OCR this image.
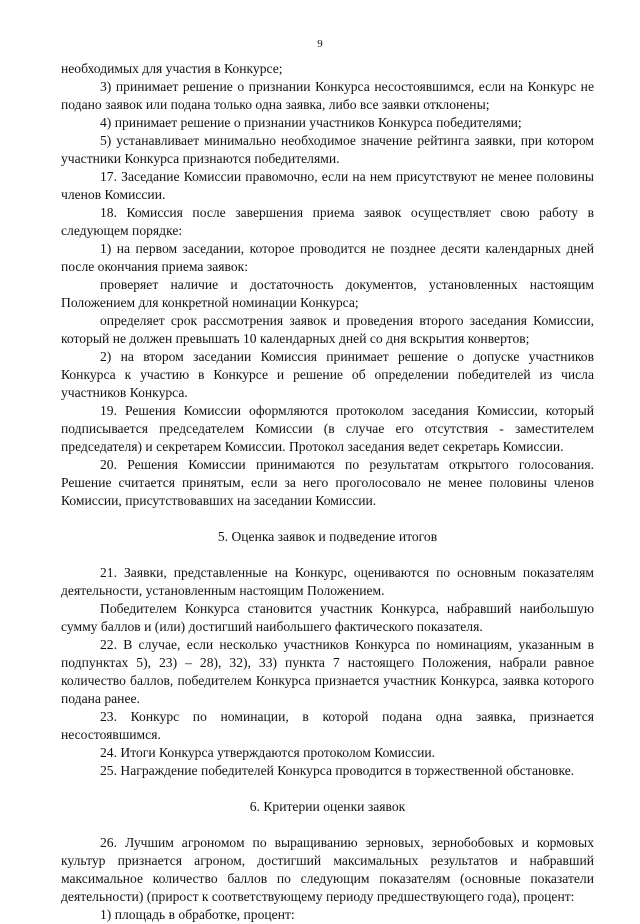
9

необходимых для участия в Конкурсе;

3) принимает решение о признании Конкурса несостоявшимся, если на Конкурс не подано заявок или подана только одна заявка, либо все заявки отклонены;

4) принимает решение о признании участников Конкурса победителями;

5) устанавливает минимально необходимое значение рейтинга заявки, при котором участники Конкурса признаются победителями.

17. Заседание Комиссии правомочно, если на нем присутствуют не менее половины членов Комиссии.

18. Комиссия после завершения приема заявок осуществляет свою работу в следующем порядке:

1) на первом заседании, которое проводится не позднее десяти календарных дней после окончания приема заявок:

проверяет наличие и достаточность документов, установленных настоящим Положением для конкретной номинации Конкурса;

определяет срок рассмотрения заявок и проведения второго заседания Комиссии, который не должен превышать 10 календарных дней со дня вскрытия конвертов;

2) на втором заседании Комиссия принимает решение о допуске участников Конкурса к участию в Конкурсе и решение об определении победителей из числа участников Конкурса.

19. Решения Комиссии оформляются протоколом заседания Комиссии, который подписывается председателем Комиссии (в случае его отсутствия - заместителем председателя) и секретарем Комиссии. Протокол заседания ведет секретарь Комиссии.

20. Решения Комиссии принимаются по результатам открытого голосования. Решение считается принятым, если за него проголосовало не менее половины членов Комиссии, присутствовавших на заседании Комиссии.

5. Оценка заявок и подведение итогов

21. Заявки, представленные на Конкурс, оцениваются по основным показателям деятельности, установленным настоящим Положением.

Победителем Конкурса становится участник Конкурса, набравший наибольшую сумму баллов и (или) достигший наибольшего фактического показателя.

22. В случае, если несколько участников Конкурса по номинациям, указанным в подпунктах 5), 23) – 28), 32), 33) пункта 7 настоящего Положения, набрали равное количество баллов, победителем Конкурса признается участник Конкурса, заявка которого подана ранее.

23. Конкурс по номинации, в которой подана одна заявка, признается несостоявшимся.

24. Итоги Конкурса утверждаются протоколом Комиссии.

25. Награждение победителей Конкурса проводится в торжественной обстановке.

6. Критерии оценки заявок

26. Лучшим агрономом по выращиванию зерновых, зернобобовых и кормовых культур признается агроном, достигший максимальных результатов и набравший максимальное количество баллов по следующим показателям (основные показатели деятельности) (прирост к соответствующему периоду предшествующего года), процент:

1) площадь в обработке, процент:
